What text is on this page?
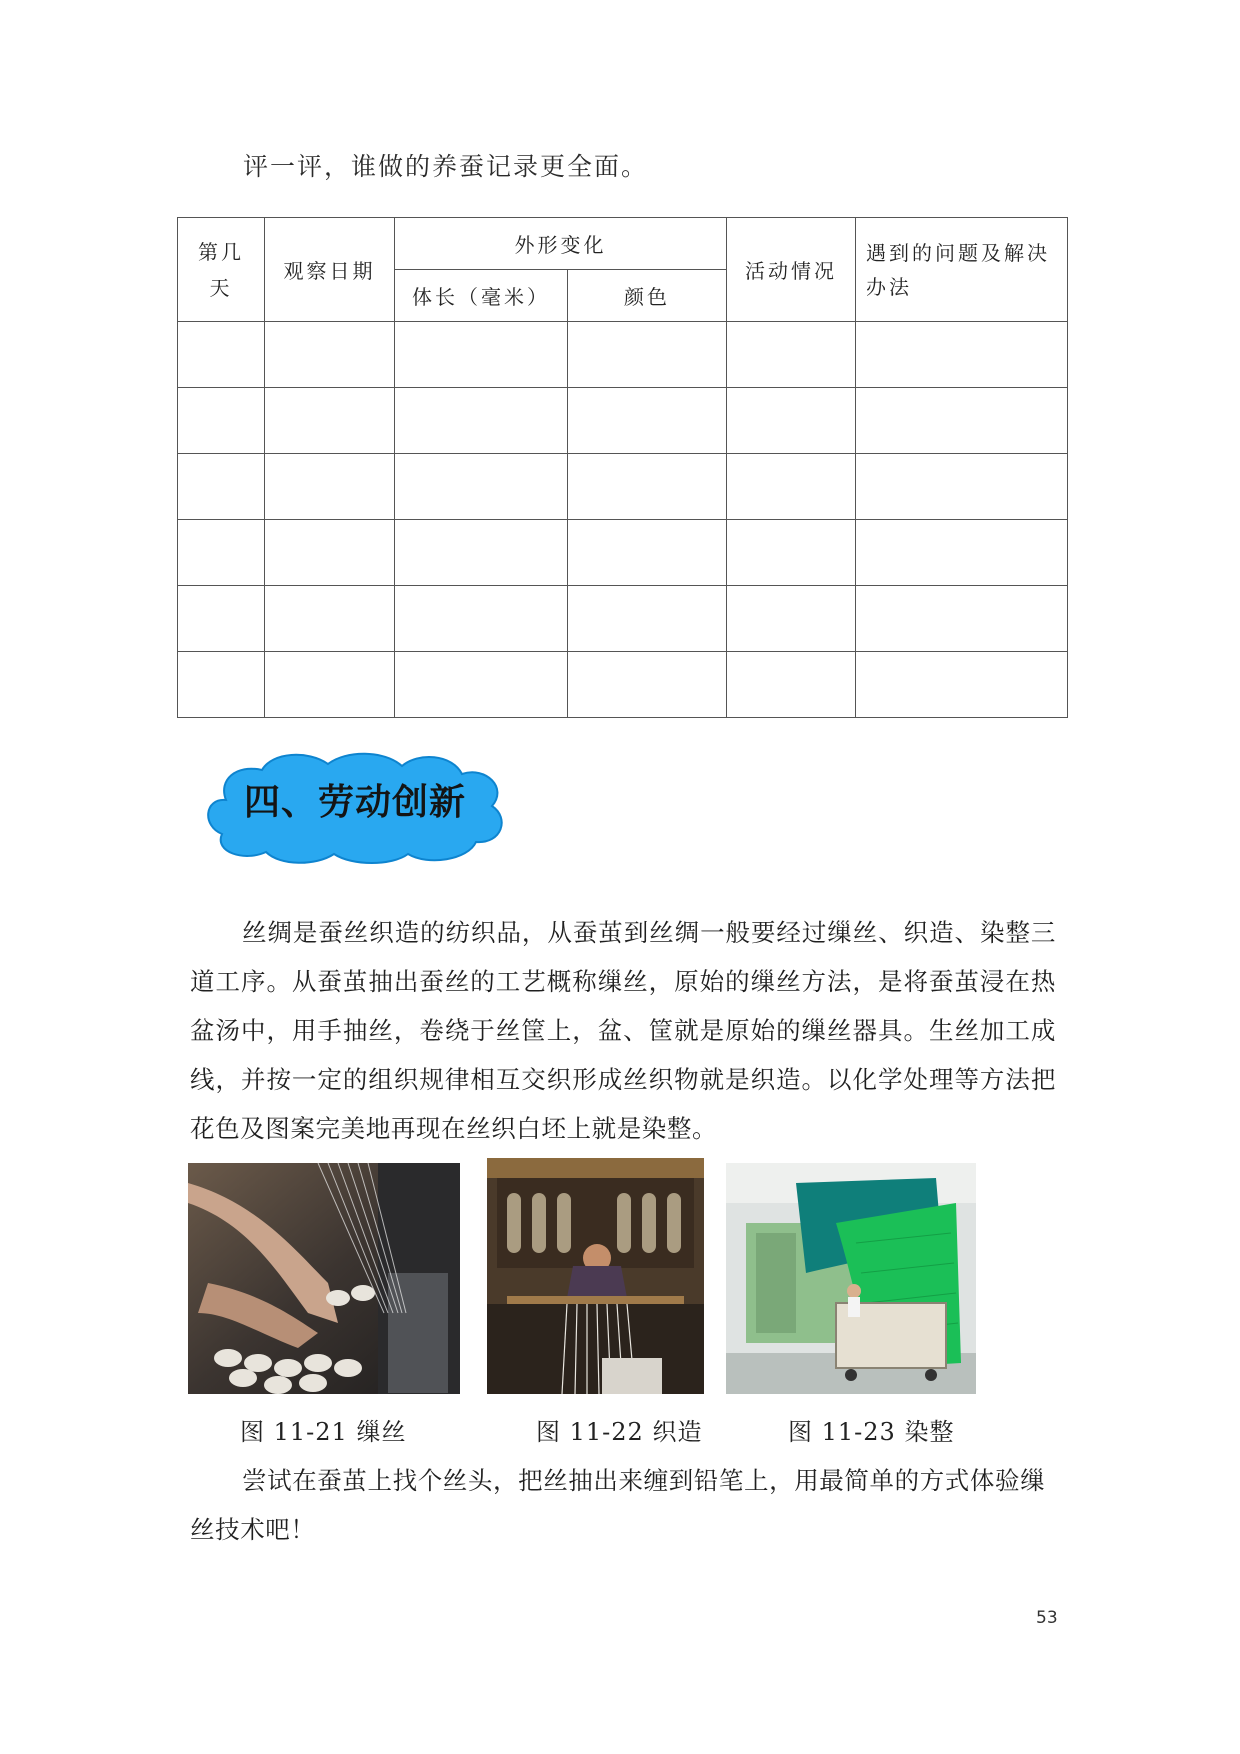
评一评，谁做的养蚕记录更全面。
第几天	观察日期	外形变化		活动情况	遇到的问题及解决办法
		体长（毫米）	颜色		

四、劳动创新

丝绸是蚕丝织造的纺织品，从蚕茧到丝绸一般要经过缫丝、织造、染整三道工序。从蚕茧抽出蚕丝的工艺概称缫丝，原始的缫丝方法，是将蚕茧浸在热盆汤中，用手抽丝，卷绕于丝筐上，盆、筐就是原始的缫丝器具。生丝加工成线，并按一定的组织规律相互交织形成丝织物就是织造。以化学处理等方法把花色及图案完美地再现在丝织白坯上就是染整。

图 11-21 缫丝	图 11-22 织造	图 11-23 染整

尝试在蚕茧上找个丝头，把丝抽出来缠到铅笔上，用最简单的方式体验缫丝技术吧！

53
